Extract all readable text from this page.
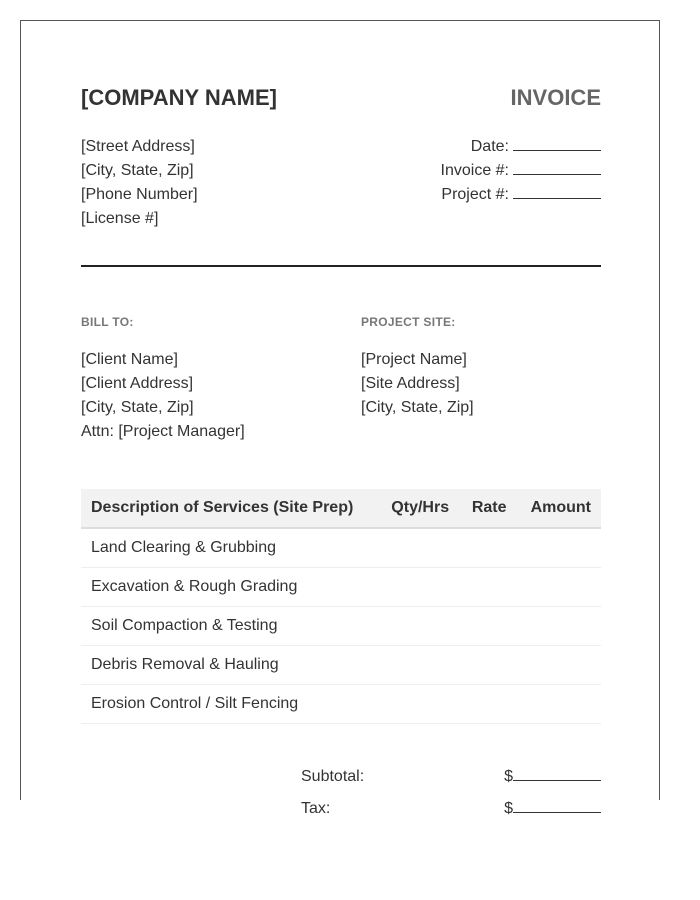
[COMPANY NAME]	INVOICE
[Street Address]
[City, State, Zip]
[Phone Number]
[License #]
Date:
Invoice #:
Project #:
BILL TO:
[Client Name]
[Client Address]
[City, State, Zip]
Attn: [Project Manager]
PROJECT SITE:
[Project Name]
[Site Address]
[City, State, Zip]
Description of Services (Site Prep)	Qty/Hrs	Rate	Amount
Land Clearing & Grubbing			
Excavation & Rough Grading			
Soil Compaction & Testing			
Debris Removal & Hauling			
Erosion Control / Silt Fencing			
Subtotal:	$
Tax:	$
